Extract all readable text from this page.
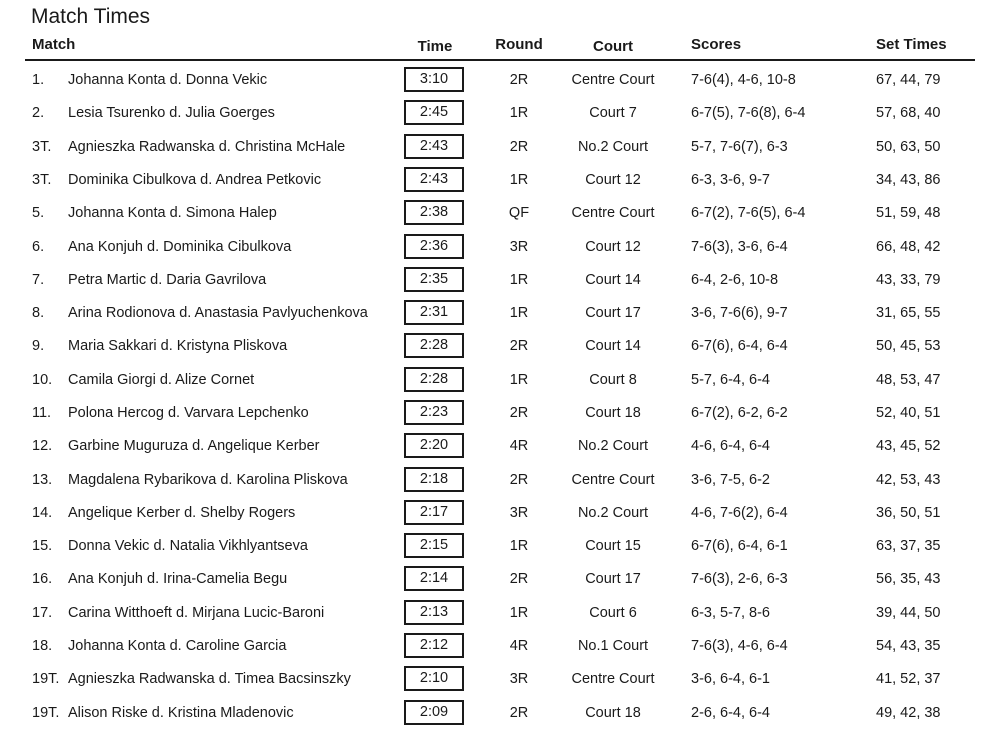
Match Times
Match	Time	Round	Court	Scores	Set Times
1. Johanna Konta d. Donna Vekic	3:10	2R	Centre Court	7-6(4), 4-6, 10-8	67, 44, 79
2. Lesia Tsurenko d. Julia Goerges	2:45	1R	Court 7	6-7(5), 7-6(8), 6-4	57, 68, 40
3T. Agnieszka Radwanska d. Christina McHale	2:43	2R	No.2 Court	5-7, 7-6(7), 6-3	50, 63, 50
3T. Dominika Cibulkova d. Andrea Petkovic	2:43	1R	Court 12	6-3, 3-6, 9-7	34, 43, 86
5. Johanna Konta d. Simona Halep	2:38	QF	Centre Court	6-7(2), 7-6(5), 6-4	51, 59, 48
6. Ana Konjuh d. Dominika Cibulkova	2:36	3R	Court 12	7-6(3), 3-6, 6-4	66, 48, 42
7. Petra Martic d. Daria Gavrilova	2:35	1R	Court 14	6-4, 2-6, 10-8	43, 33, 79
8. Arina Rodionova d. Anastasia Pavlyuchenkova	2:31	1R	Court 17	3-6, 7-6(6), 9-7	31, 65, 55
9. Maria Sakkari d. Kristyna Pliskova	2:28	2R	Court 14	6-7(6), 6-4, 6-4	50, 45, 53
10. Camila Giorgi d. Alize Cornet	2:28	1R	Court 8	5-7, 6-4, 6-4	48, 53, 47
11. Polona Hercog d. Varvara Lepchenko	2:23	2R	Court 18	6-7(2), 6-2, 6-2	52, 40, 51
12. Garbine Muguruza d. Angelique Kerber	2:20	4R	No.2 Court	4-6, 6-4, 6-4	43, 45, 52
13. Magdalena Rybarikova d. Karolina Pliskova	2:18	2R	Centre Court	3-6, 7-5, 6-2	42, 53, 43
14. Angelique Kerber d. Shelby Rogers	2:17	3R	No.2 Court	4-6, 7-6(2), 6-4	36, 50, 51
15. Donna Vekic d. Natalia Vikhlyantseva	2:15	1R	Court 15	6-7(6), 6-4, 6-1	63, 37, 35
16. Ana Konjuh d. Irina-Camelia Begu	2:14	2R	Court 17	7-6(3), 2-6, 6-3	56, 35, 43
17. Carina Witthoeft d. Mirjana Lucic-Baroni	2:13	1R	Court 6	6-3, 5-7, 8-6	39, 44, 50
18. Johanna Konta d. Caroline Garcia	2:12	4R	No.1 Court	7-6(3), 4-6, 6-4	54, 43, 35
19T. Agnieszka Radwanska d. Timea Bacsinszky	2:10	3R	Centre Court	3-6, 6-4, 6-1	41, 52, 37
19T. Alison Riske d. Kristina Mladenovic	2:09	2R	Court 18	2-6, 6-4, 6-4	49, 42, 38
